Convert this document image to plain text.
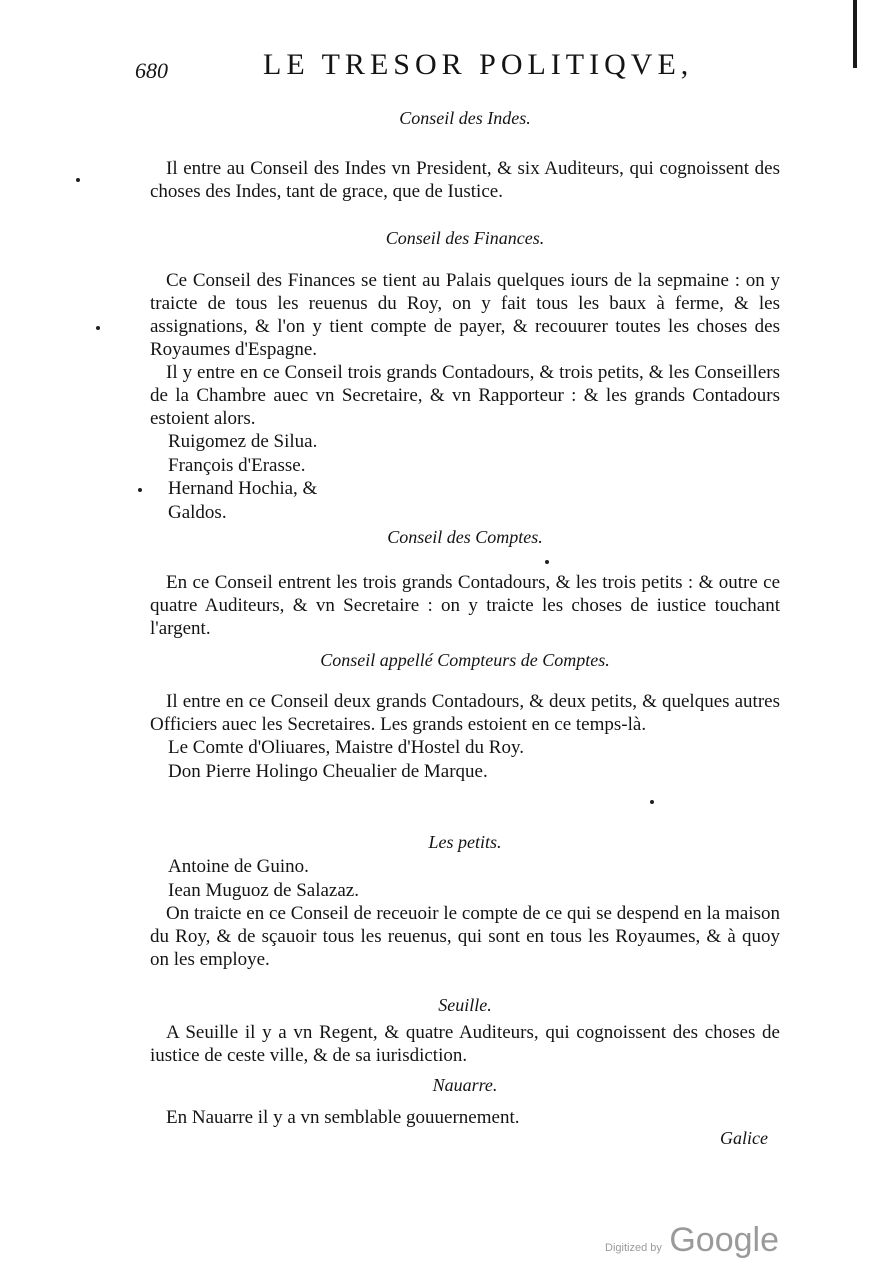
680	LE TRESOR POLITIQVE,
Conseil des Indes.

Il entre au Conseil des Indes vn President, & six Auditeurs, qui cognoissent des choses des Indes, tant de grace, que de Iustice.

Conseil des Finances.

Ce Conseil des Finances se tient au Palais quelques iours de la sepmaine : on y traicte de tous les reuenus du Roy, on y fait tous les baux à ferme, & les assignations, & l'on y tient compte de payer, & recouurer toutes les choses des Royaumes d'Espagne.

Il y entre en ce Conseil trois grands Contadours, & trois petits, & les Conseillers de la Chambre auec vn Secretaire, & vn Rapporteur : & les grands Contadours estoient alors.

Ruigomez de Silua.

François d'Erasse.

Hernand Hochia, &

Galdos.

Conseil des Comptes.

En ce Conseil entrent les trois grands Contadours, & les trois petits : & outre ce quatre Auditeurs, & vn Secretaire : on y traicte les choses de iustice touchant l'argent.

Conseil appellé Compteurs de Comptes.

Il entre en ce Conseil deux grands Contadours, & deux petits, & quelques autres Officiers auec les Secretaires. Les grands estoient en ce temps-là.

Le Comte d'Oliuares, Maistre d'Hostel du Roy.

Don Pierre Holingo Cheualier de Marque.

Les petits.

Antoine de Guino.

Iean Muguoz de Salazaz.

On traicte en ce Conseil de receuoir le compte de ce qui se despend en la maison du Roy, & de sçauoir tous les reuenus, qui sont en tous les Royaumes, & à quoy on les employe.

Seuille.

A Seuille il y a vn Regent, & quatre Auditeurs, qui cognoissent des choses de iustice de ceste ville, & de sa iurisdiction.

Nauarre.

En Nauarre il y a vn semblable gouuernement.

Galice
Digitized by Google
